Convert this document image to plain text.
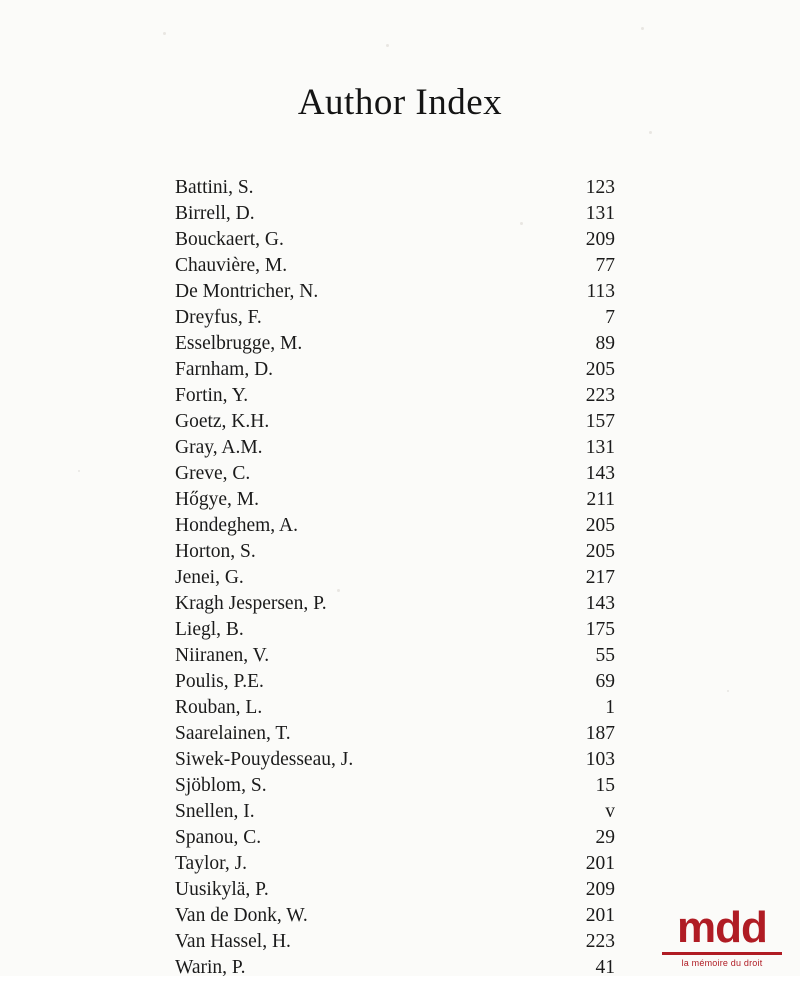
Author Index
Battini, S.	123
Birrell, D.	131
Bouckaert, G.	209
Chauvière, M.	77
De Montricher, N.	113
Dreyfus, F.	7
Esselbrugge, M.	89
Farnham, D.	205
Fortin, Y.	223
Goetz, K.H.	157
Gray, A.M.	131
Greve, C.	143
Hőgye, M.	211
Hondeghem, A.	205
Horton, S.	205
Jenei, G.	217
Kragh Jespersen, P.	143
Liegl, B.	175
Niiranen, V.	55
Poulis, P.E.	69
Rouban, L.	1
Saarelainen, T.	187
Siwek-Pouydesseau, J.	103
Sjöblom, S.	15
Snellen, I.	v
Spanou, C.	29
Taylor, J.	201
Uusikylä, P.	209
Van de Donk, W.	201
Van Hassel, H.	223
Warin, P.	41
mdd
la mémoire du droit
